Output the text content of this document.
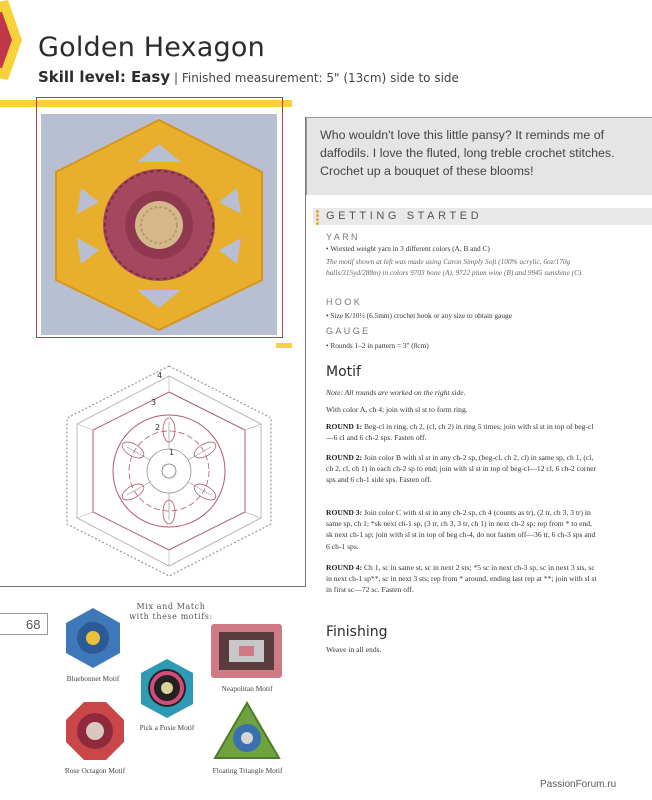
Golden Hexagon
Skill level: Easy | Finished measurement: 5" (13cm) side to side
Who wouldn't love this little pansy? It reminds me of daffodils. I love the fluted, long treble crochet stitches. Crochet up a bouquet of these blooms!
GETTING STARTED
YARN
• Worsted weight yarn in 3 different colors (A, B and C)
The motif shown at left was made using Caron Simply Soft (100% acrylic, 6oz/170g balls/315yd/288m) in colors 9703 bone (A), 9722 plum wine (B) and 9945 sunshine (C).
HOOK
• Size K/10½ (6.5mm) crochet hook or any size to obtain gauge
GAUGE
• Rounds 1–2 in pattern = 3" (8cm)
Motif
Note: All rounds are worked on the right side.
With color A, ch 4; join with sl st to form ring.
ROUND 1: Beg-cl in ring, ch 2, (cl, ch 2) in ring 5 times; join with sl st in top of beg-cl—6 cl and 6 ch-2 sps. Fasten off.
ROUND 2: Join color B with sl st in any ch-2 sp, (beg-cl, ch 2, cl) in same sp, ch 1, (cl, ch 2, cl, ch 1) in each ch-2 sp to end; join with sl st in top of beg-cl—12 cl, 6 ch-2 corner sps and 6 ch-1 side sps. Fasten off.
ROUND 3: Join color C with sl st in any ch-2 sp, ch 4 (counts as tr), (2 tr, ch 3, 3 tr) in same sp, ch 1; *sk next ch-1 sp, (3 tr, ch 3, 3 tr, ch 1) in next ch-2 sp; rep from * to end, sk next ch-1 sp; join with sl st in top of beg ch-4, do not fasten off—36 tr, 6 ch-3 sps and 6 ch-1 sps.
ROUND 4: Ch 1, sc in same st, sc in next 2 sts; *5 sc in next ch-3 sp, sc in next 3 sts, sc in next ch-1 sp**, sc in next 3 sts; rep from * around, ending last rep at **; join with sl st in first sc—72 sc. Fasten off.
Finishing
Weave in all ends.
4
3
2
1
68
Mix and Match with these motifs:
Bluebonnet Motif
Neapolitan Motif
Pick a Posie Motif
Rose Octagon Motif	Floating Triangle Motif
PassionForum.ru
